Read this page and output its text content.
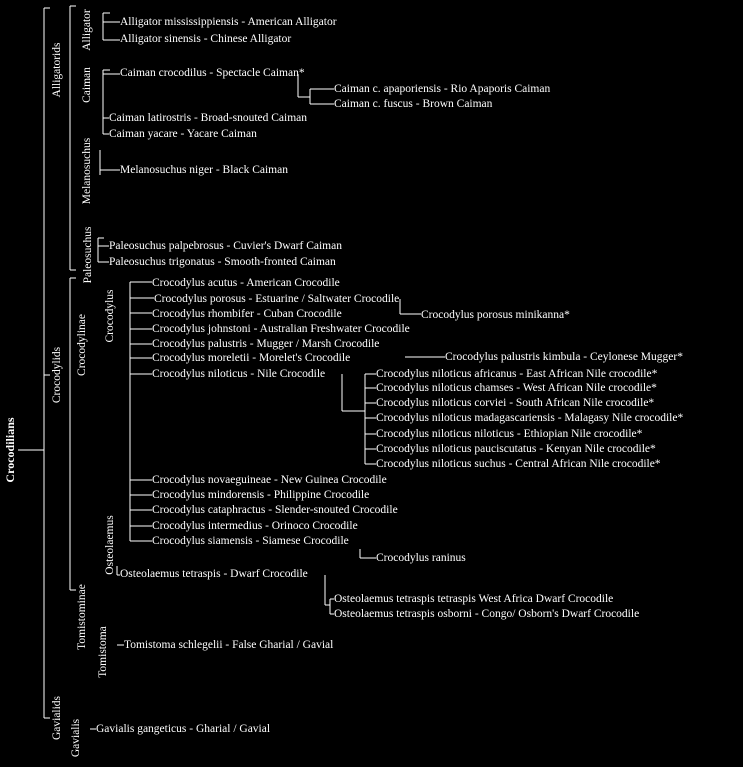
Crocodilians
Alligatorids
Crocodylids
Gavialids
Crocodylinae
Tomistominae
Gavialis
Alligator
Caiman
Melanosuchus
Paleosuchus
Crocodylus
Osteolaemus
Tomistoma
Alligator mississippiensis - American Alligator
Alligator sinensis - Chinese Alligator
Caiman crocodilus - Spectacle Caiman*
Caiman c. apaporiensis - Rio Apaporis Caiman
Caiman c. fuscus - Brown Caiman
Caiman latirostris - Broad-snouted Caiman
Caiman yacare - Yacare Caiman
Melanosuchus niger - Black Caiman
Paleosuchus palpebrosus - Cuvier's Dwarf Caiman
Paleosuchus trigonatus - Smooth-fronted Caiman
Crocodylus acutus - American Crocodile
Crocodylus porosus - Estuarine / Saltwater Crocodile
Crocodylus porosus minikanna*
Crocodylus rhombifer - Cuban Crocodile
Crocodylus johnstoni - Australian Freshwater Crocodile
Crocodylus palustris - Mugger / Marsh Crocodile
Crocodylus moreletii - Morelet's Crocodile	Crocodylus palustris kimbula - Ceylonese Mugger*
Crocodylus niloticus - Nile Crocodile	Crocodylus niloticus africanus - East African Nile crocodile*
Crocodylus niloticus chamses - West African Nile crocodile*
Crocodylus niloticus corviei - South African Nile crocodile*
Crocodylus niloticus madagascariensis - Malagasy Nile crocodile*
Crocodylus niloticus niloticus - Ethiopian Nile crocodile*
Crocodylus niloticus pauciscutatus - Kenyan Nile crocodile*
Crocodylus niloticus suchus - Central African Nile crocodile*
Crocodylus novaeguineae - New Guinea Crocodile
Crocodylus mindorensis - Philippine Crocodile
Crocodylus cataphractus - Slender-snouted Crocodile
Crocodylus intermedius - Orinoco Crocodile
Crocodylus siamensis - Siamese Crocodile
Crocodylus raninus
Osteolaemus tetraspis - Dwarf Crocodile
Osteolaemus tetraspis tetraspis West Africa Dwarf Crocodile
Osteolaemus tetraspis osborni - Congo/ Osborn's Dwarf Crocodile
Tomistoma schlegelii - False Gharial / Gavial
Gavialis gangeticus - Gharial / Gavial
